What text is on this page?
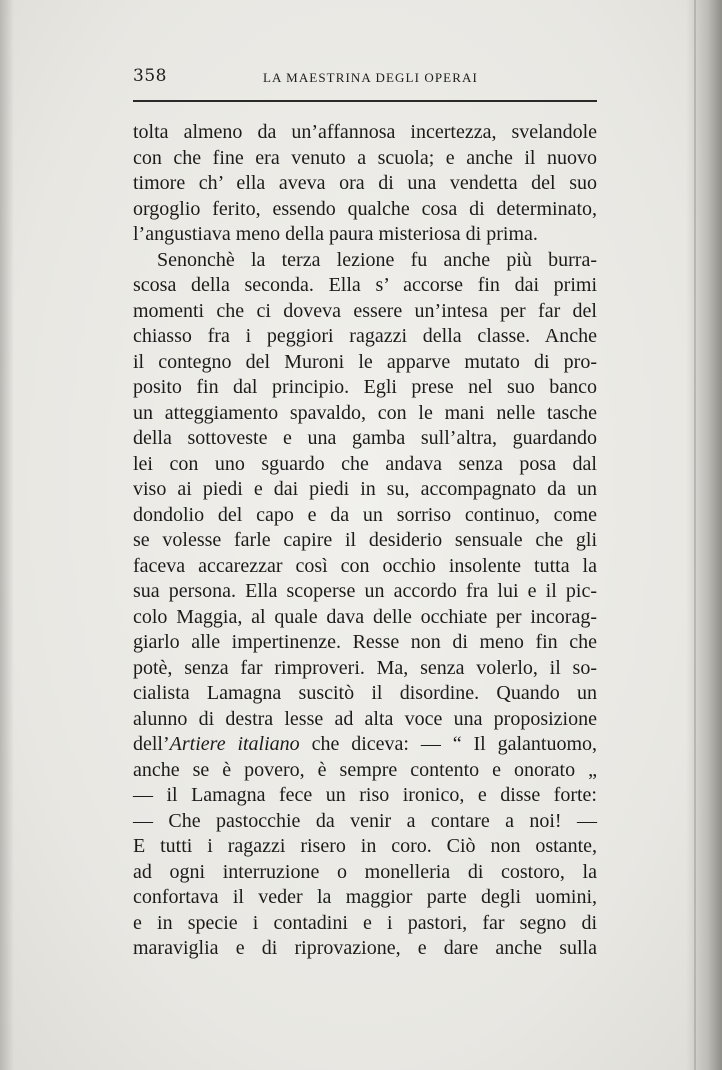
358	LA MAESTRINA DEGLI OPERAI
tolta almeno da un’affannosa incertezza, svelandole
con che fine era venuto a scuola; e anche il nuovo
timore ch’ ella aveva ora di una vendetta del suo
orgoglio ferito, essendo qualche cosa di determinato,
l’angustiava meno della paura misteriosa di prima.
Senonchè la terza lezione fu anche più burra-
scosa della seconda. Ella s’ accorse fin dai primi
momenti che ci doveva essere un’intesa per far del
chiasso fra i peggiori ragazzi della classe. Anche
il contegno del Muroni le apparve mutato di pro-
posito fin dal principio. Egli prese nel suo banco
un atteggiamento spavaldo, con le mani nelle tasche
della sottoveste e una gamba sull’altra, guardando
lei con uno sguardo che andava senza posa dal
viso ai piedi e dai piedi in su, accompagnato da un
dondolio del capo e da un sorriso continuo, come
se volesse farle capire il desiderio sensuale che gli
faceva accarezzar così con occhio insolente tutta la
sua persona. Ella scoperse un accordo fra lui e il pic-
colo Maggia, al quale dava delle occhiate per incorag-
giarlo alle impertinenze. Resse non di meno fin che
potè, senza far rimproveri. Ma, senza volerlo, il so-
cialista Lamagna suscitò il disordine. Quando un
alunno di destra lesse ad alta voce una proposizione
dell’Artiere italiano che diceva: — “ Il galantuomo,
anche se è povero, è sempre contento e onorato „
— il Lamagna fece un riso ironico, e disse forte:
— Che pastocchie da venir a contare a noi! —
E tutti i ragazzi risero in coro. Ciò non ostante,
ad ogni interruzione o monelleria di costoro, la
confortava il veder la maggior parte degli uomini,
e in specie i contadini e i pastori, far segno di
maraviglia e di riprovazione, e dare anche sulla
